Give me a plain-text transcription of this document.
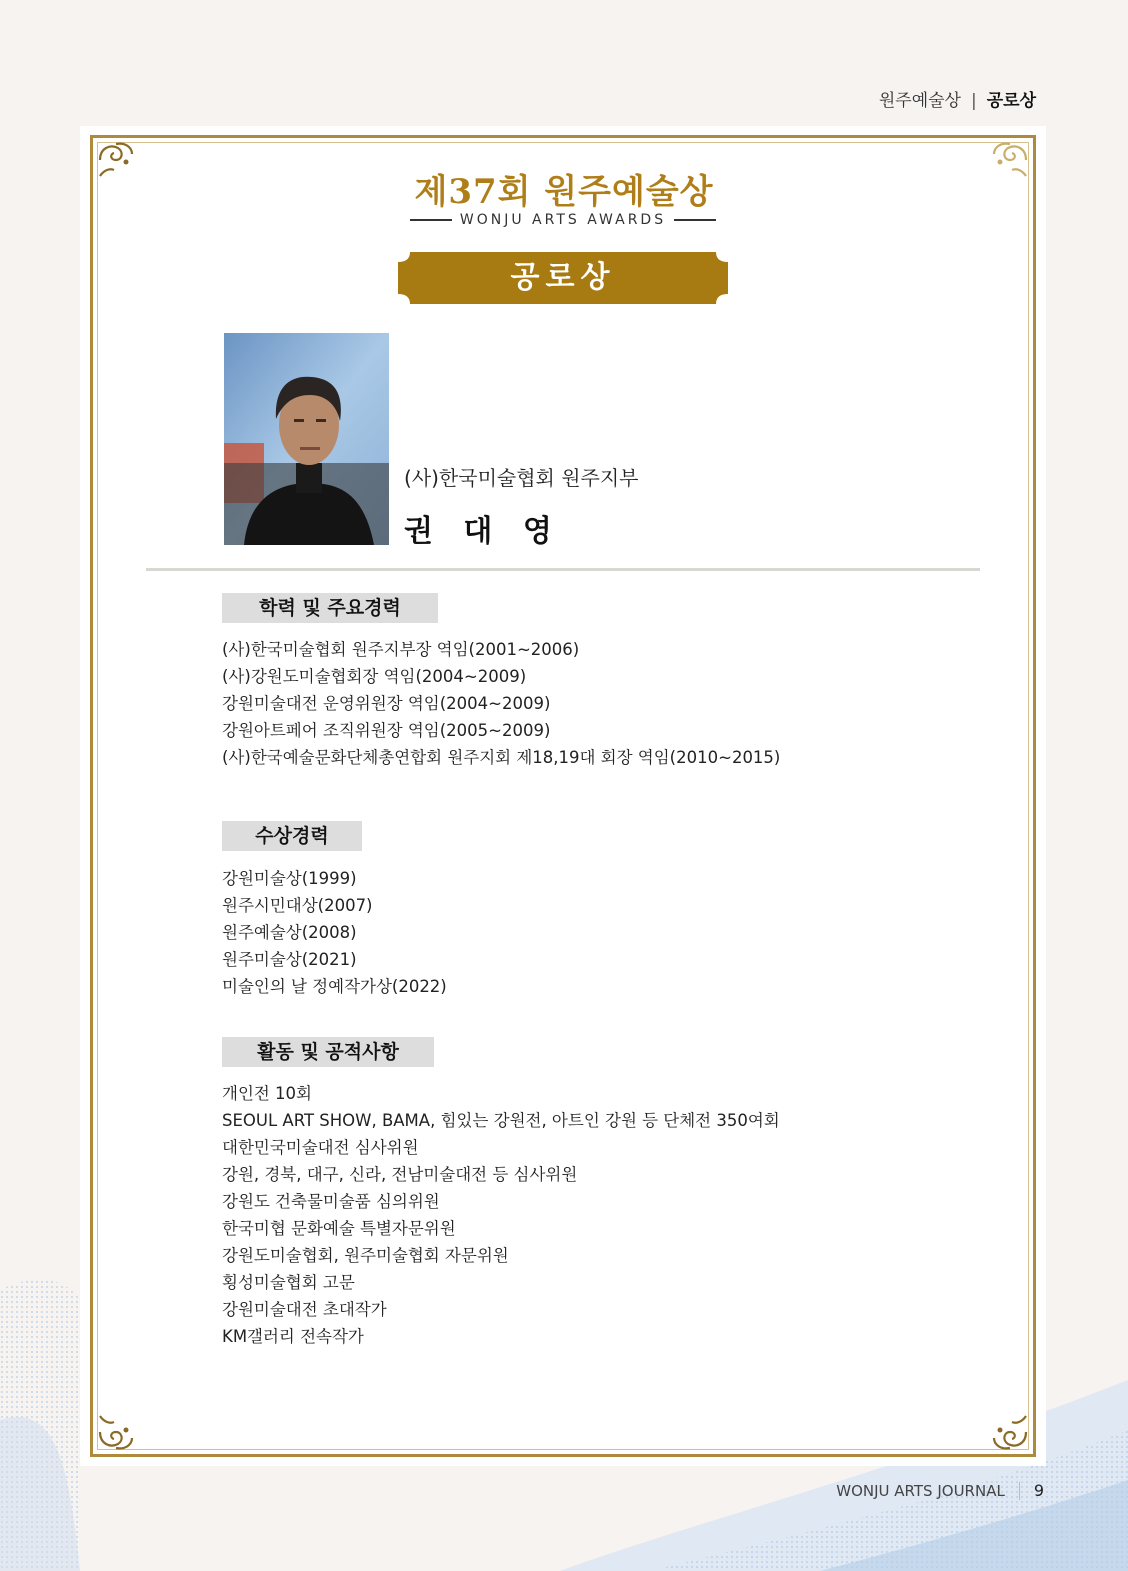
원주예술상 | 공로상
제37회 원주예술상
WONJU ARTS AWARDS
공로상
(사)한국미술협회 원주지부
권 대 영
학력 및 주요경력
(사)한국미술협회 원주지부장 역임(2001~2006)
(사)강원도미술협회장 역임(2004~2009)
강원미술대전 운영위원장 역임(2004~2009)
강원아트페어 조직위원장 역임(2005~2009)
(사)한국예술문화단체총연합회 원주지회 제18,19대 회장 역임(2010~2015)
수상경력
강원미술상(1999)
원주시민대상(2007)
원주예술상(2008)
원주미술상(2021)
미술인의 날 정예작가상(2022)
활동 및 공적사항
개인전 10회
SEOUL ART SHOW, BAMA, 힘있는 강원전, 아트인 강원 등 단체전 350여회
대한민국미술대전 심사위원
강원, 경북, 대구, 신라, 전남미술대전 등 심사위원
강원도 건축물미술품 심의위원
한국미협 문화예술 특별자문위원
강원도미술협회, 원주미술협회 자문위원
횡성미술협회 고문
강원미술대전 초대작가
KM갤러리 전속작가
WONJU ARTS JOURNAL 9
